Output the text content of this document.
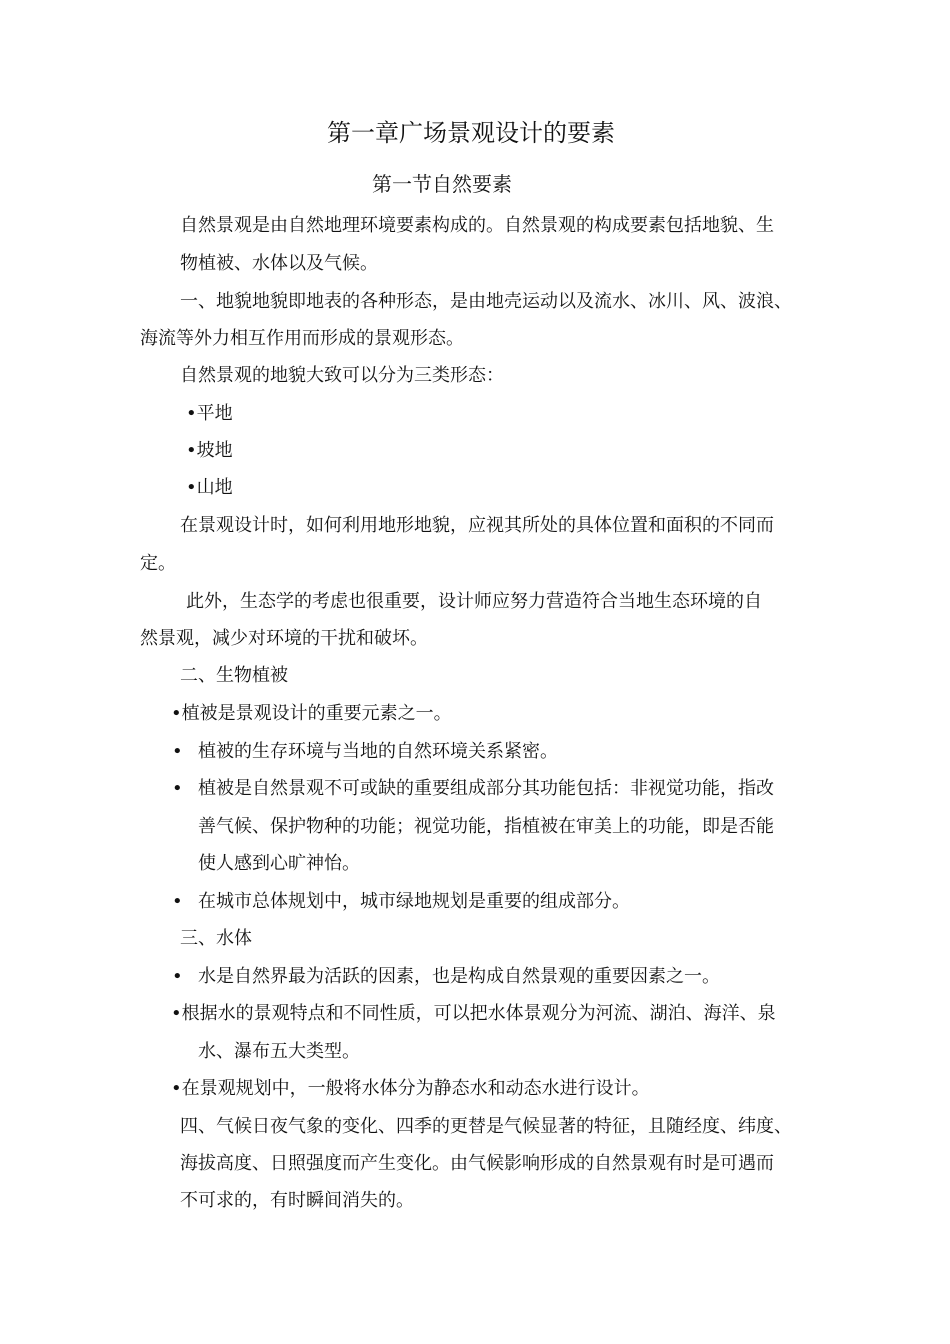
第一章广场景观设计的要素

第一节自然要素

自然景观是由自然地理环境要素构成的。自然景观的构成要素包括地貌、生

物植被、水体以及气候。

一、地貌地貌即地表的各种形态，是由地壳运动以及流水、冰川、风、波浪、

海流等外力相互作用而形成的景观形态。

自然景观的地貌大致可以分为三类形态：

•平地

•坡地

•山地

在景观设计时，如何利用地形地貌，应视其所处的具体位置和面积的不同而

定。

此外，生态学的考虑也很重要，设计师应努力营造符合当地生态环境的自

然景观，减少对环境的干扰和破坏。

二、生物植被

•植被是景观设计的重要元素之一。

• 植被的生存环境与当地的自然环境关系紧密。

• 植被是自然景观不可或缺的重要组成部分其功能包括：非视觉功能，指改

善气候、保护物种的功能；视觉功能，指植被在审美上的功能，即是否能

使人感到心旷神怡。

• 在城市总体规划中，城市绿地规划是重要的组成部分。

三、水体

• 水是自然界最为活跃的因素，也是构成自然景观的重要因素之一。

•根据水的景观特点和不同性质，可以把水体景观分为河流、湖泊、海洋、泉

水、瀑布五大类型。

•在景观规划中，一般将水体分为静态水和动态水进行设计。

四、气候日夜气象的变化、四季的更替是气候显著的特征，且随经度、纬度、

海拔高度、日照强度而产生变化。由气候影响形成的自然景观有时是可遇而

不可求的，有时瞬间消失的。
